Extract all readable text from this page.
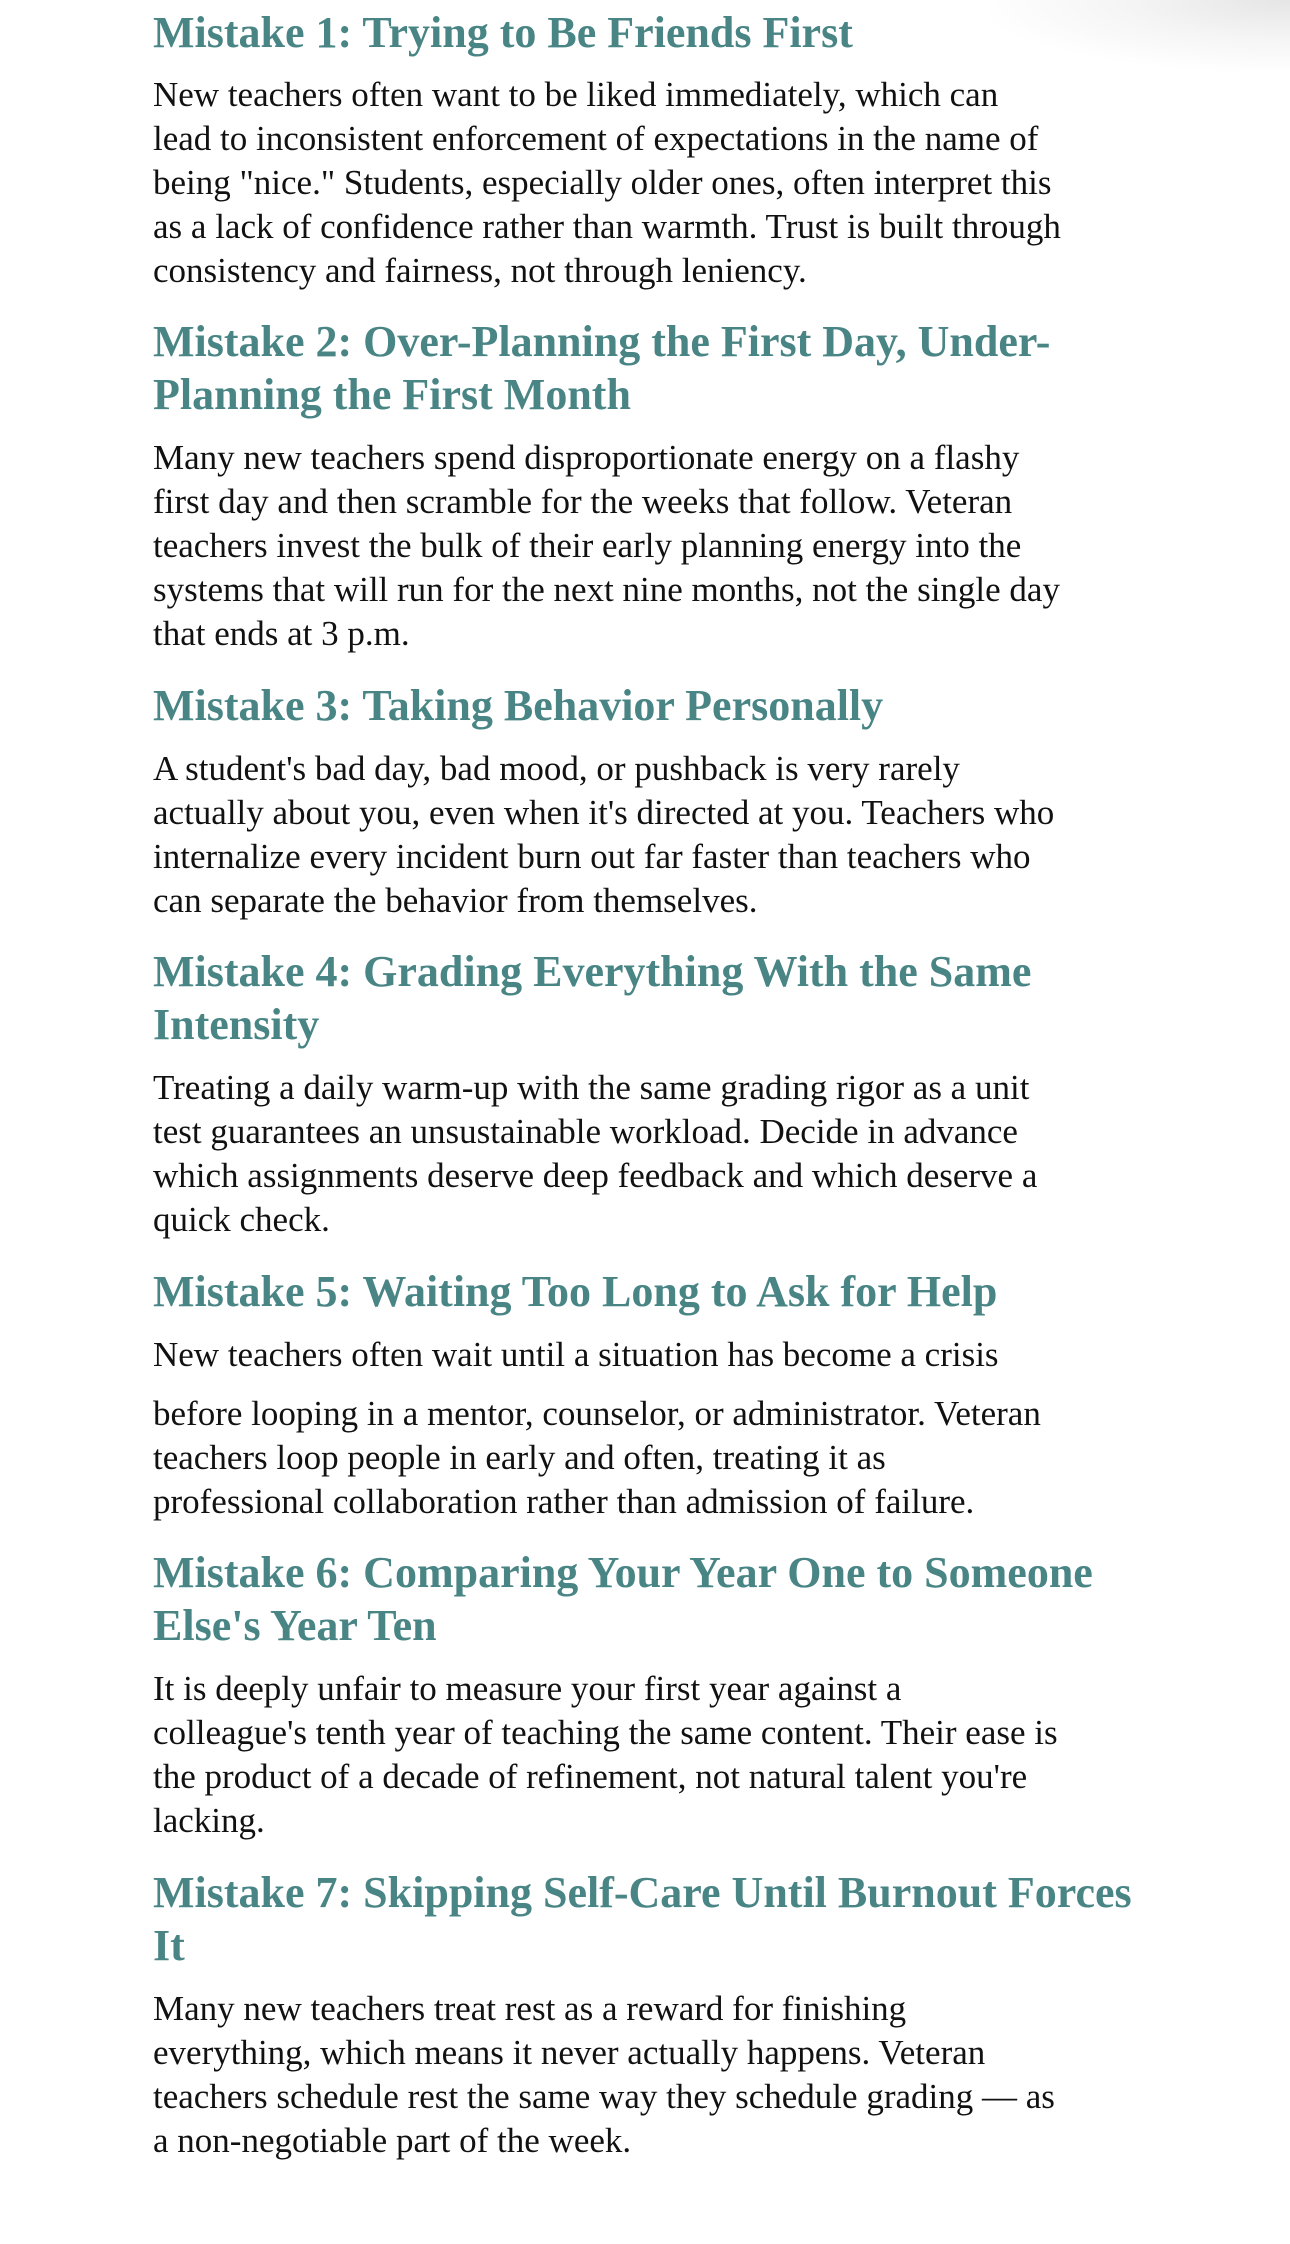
Mistake 1: Trying to Be Friends First

New teachers often want to be liked immediately, which can
lead to inconsistent enforcement of expectations in the name of
being "nice." Students, especially older ones, often interpret this
as a lack of confidence rather than warmth. Trust is built through
consistency and fairness, not through leniency.

Mistake 2: Over-Planning the First Day, Under-Planning the First Month

Many new teachers spend disproportionate energy on a flashy
first day and then scramble for the weeks that follow. Veteran
teachers invest the bulk of their early planning energy into the
systems that will run for the next nine months, not the single day
that ends at 3 p.m.

Mistake 3: Taking Behavior Personally

A student's bad day, bad mood, or pushback is very rarely
actually about you, even when it's directed at you. Teachers who
internalize every incident burn out far faster than teachers who
can separate the behavior from themselves.

Mistake 4: Grading Everything With the Same Intensity

Treating a daily warm-up with the same grading rigor as a unit
test guarantees an unsustainable workload. Decide in advance
which assignments deserve deep feedback and which deserve a
quick check.

Mistake 5: Waiting Too Long to Ask for Help

New teachers often wait until a situation has become a crisis
before looping in a mentor, counselor, or administrator. Veteran
teachers loop people in early and often, treating it as
professional collaboration rather than admission of failure.

Mistake 6: Comparing Your Year One to Someone Else's Year Ten

It is deeply unfair to measure your first year against a
colleague's tenth year of teaching the same content. Their ease is
the product of a decade of refinement, not natural talent you're
lacking.

Mistake 7: Skipping Self-Care Until Burnout Forces It

Many new teachers treat rest as a reward for finishing
everything, which means it never actually happens. Veteran
teachers schedule rest the same way they schedule grading — as
a non-negotiable part of the week.
